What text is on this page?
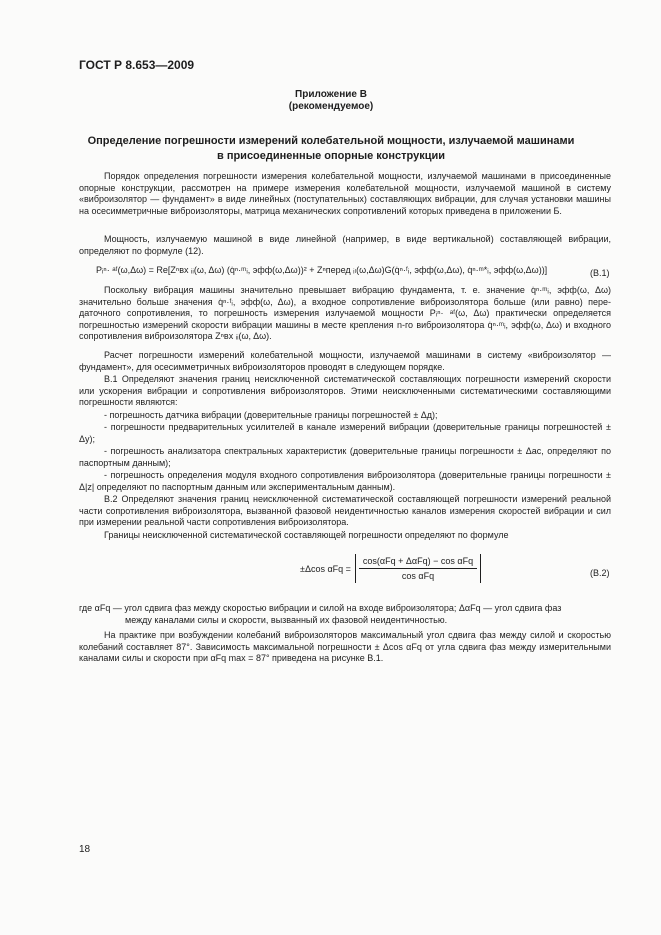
ГОСТ Р 8.653—2009
Приложение В
(рекомендуемое)
Определение погрешности измерений колебательной мощности, излучаемой машинами
в присоединенные опорные конструкции
Порядок определения погрешности измерения колебательной мощности, излучаемой машинами в присоединенные опорные конструкции, рассмотрен на примере измерения колебательной мощности, излучаемой машиной в систему «виброизолятор — фундамент» в виде линейных (поступательных) составляющих вибрации, для случая установки машины на осесимметричные виброизоляторы, матрица механических сопротивлений которых приведена в приложении Б.
Мощность, излучаемую машиной в виде линейной (например, в виде вертикальной) составляющей вибрации, определяют по формуле (12).
Pᵢⁿ· ᵃᶠ(ω,Δω) = Re[Zⁿвх ᵢᵢ(ω, Δω) (q̇ⁿ·ᵐᵢ, эфф(ω,Δω))² + Zⁿперед ᵢₗ(ω,Δω)G(q̇ⁿ·ᶠᵢ, эфф(ω,Δω), q̇ⁿ·ᵐ*ᵢ, эфф(ω,Δω))]	(В.1)
Поскольку вибрация машины значительно превышает вибрацию фундамента, т. е. значение q̇ⁿ·ᵐᵢ, эфф(ω, Δω) значительно больше значения q̇ⁿ·ᶠᵢ, эфф(ω, Δω), а входное сопротивление виброизолятора больше (или равно) передаточного сопротивления, то погрешность измерения излучаемой мощности Pᵢⁿ· ᵃᶠ(ω, Δω) практически определяется погрешностью измерений скорости вибрации машины в месте крепления n-го виброизолятора q̇ⁿ·ᵐᵢ, эфф(ω, Δω) и входного сопротивления виброизолятора Zⁿвх ᵢᵢ(ω, Δω).
Расчет погрешности измерений колебательной мощности, излучаемой машинами в систему «виброизолятор — фундамент», для осесимметричных виброизоляторов проводят в следующем порядке.
В.1 Определяют значения границ неисключенной систематической составляющих погрешности измерений скорости или ускорения вибрации и сопротивления виброизоляторов. Этими неисключенными систематическими составляющими погрешности являются:
- погрешность датчика вибрации (доверительные границы погрешностей ± Δд);
- погрешности предварительных усилителей в канале измерений вибрации (доверительные границы погрешностей ± Δу);
- погрешность анализатора спектральных характеристик (доверительные границы погрешности ± Δас, определяют по паспортным данным);
- погрешность определения модуля входного сопротивления виброизолятора (доверительные границы погрешности ± Δ|z| определяют по паспортным данным или экспериментальным данным).
В.2 Определяют значения границ неисключенной систематической составляющей погрешности измерений реальной части сопротивления виброизолятора, вызванной фазовой неидентичностью каналов измерения скоростей вибрации и сил при измерении реальной части сопротивления виброизолятора.
Границы неисключенной систематической составляющей погрешности определяют по формуле
±Δcos $\alpha Fq = \frac{\text{cos(αFq + ΔαFq) − cos αFq}}{\text{cos αFq}}$	(В.2)
где αFq — угол сдвига фаз между скоростью вибрации и силой на входе виброизолятора; ΔαFq — угол сдвига фаз
между каналами силы и скорости, вызванный их фазовой неидентичностью.
На практике при возбуждении колебаний виброизоляторов максимальный угол сдвига фаз между силой и скоростью колебаний составляет 87°. Зависимость максимальной погрешности ± Δcos αFq от угла сдвига фаз между измерительными каналами силы и скорости при αFq max = 87° приведена на рисунке В.1.
18
